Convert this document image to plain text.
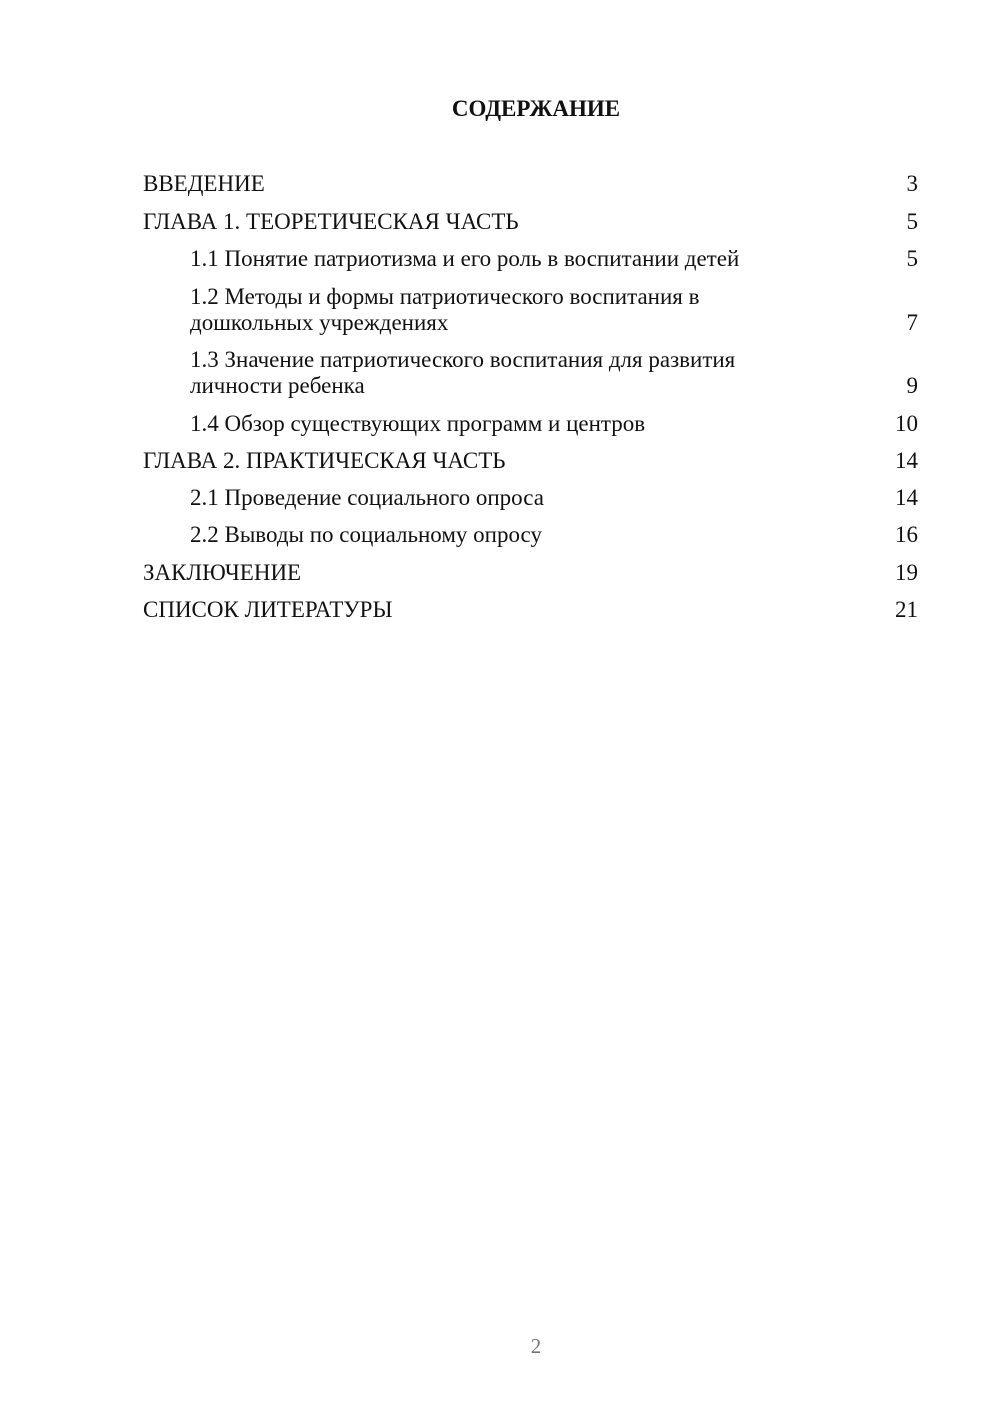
СОДЕРЖАНИЕ
ВВЕДЕНИЕ	3
ГЛАВА 1. ТЕОРЕТИЧЕСКАЯ ЧАСТЬ	5
1.1 Понятие патриотизма и его роль в воспитании детей	5
1.2 Методы и формы патриотического воспитания в дошкольных учреждениях	7
1.3 Значение патриотического воспитания для развития личности ребенка	9
1.4 Обзор существующих программ и центров	10
ГЛАВА 2. ПРАКТИЧЕСКАЯ ЧАСТЬ	14
2.1 Проведение социального опроса	14
2.2 Выводы по социальному опросу	16
ЗАКЛЮЧЕНИЕ	19
СПИСОК ЛИТЕРАТУРЫ	21
2
